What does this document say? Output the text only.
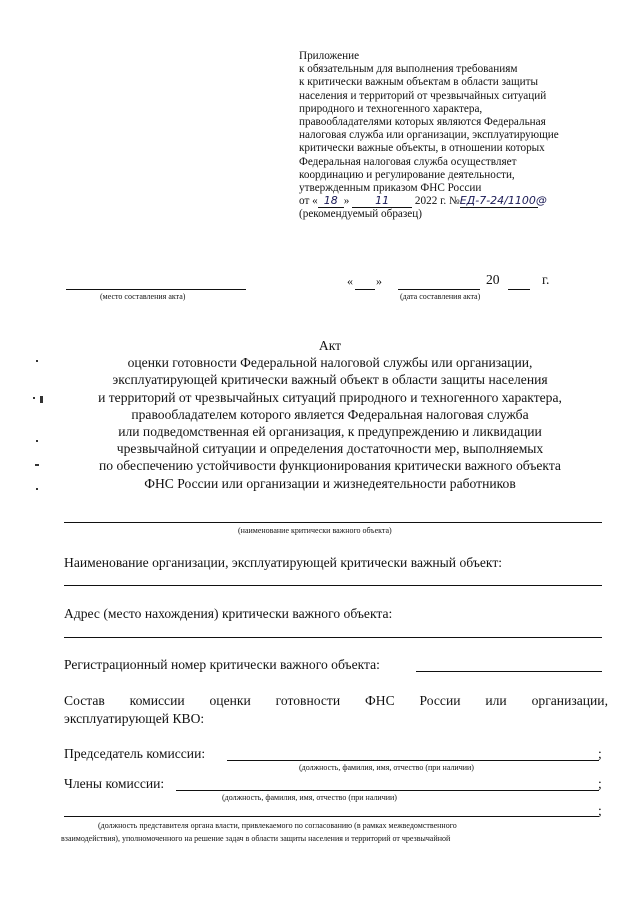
Приложение
к обязательным для выполнения требованиям
к критически важным объектам в области защиты
населения и территорий от чрезвычайных ситуаций
природного и техногенного характера,
правообладателями которых являются Федеральная
налоговая служба или организации, эксплуатирующие
критически важные объекты, в отношении которых
Федеральная налоговая служба осуществляет
координацию и регулирование деятельности,
утвержденным приказом ФНС России
от « 18 » 11 2022 г. №ЕД-7-24/1100@
(рекомендуемый образец)
(место составления акта)
« »	20	г.
(дата составления акта)
Акт
оценки готовности Федеральной налоговой службы или организации,
эксплуатирующей критически важный объект в области защиты населения
и территорий от чрезвычайных ситуаций природного и техногенного характера,
правообладателем которого является Федеральная налоговая служба
или подведомственная ей организация, к предупреждению и ликвидации
чрезвычайной ситуации и определения достаточности мер, выполняемых
по обеспечению устойчивости функционирования критически важного объекта
ФНС России или организации и жизнедеятельности работников
(наименование критически важного объекта)
Наименование организации, эксплуатирующей критически важный объект:
Адрес (место нахождения) критически важного объекта:
Регистрационный номер критически важного объекта:
Состав комиссии оценки готовности ФНС России или организации,
эксплуатирующей КВО:
Председатель комиссии:	;
(должность, фамилия, имя, отчество (при наличии)
Члены комиссии:	;
(должность, фамилия, имя, отчество (при наличии)
;
(должность представителя органа власти, привлекаемого по согласованию (в рамках межведомственного
взаимодействия), уполномоченного на решение задач в области защиты населения и территорий от чрезвычайной
